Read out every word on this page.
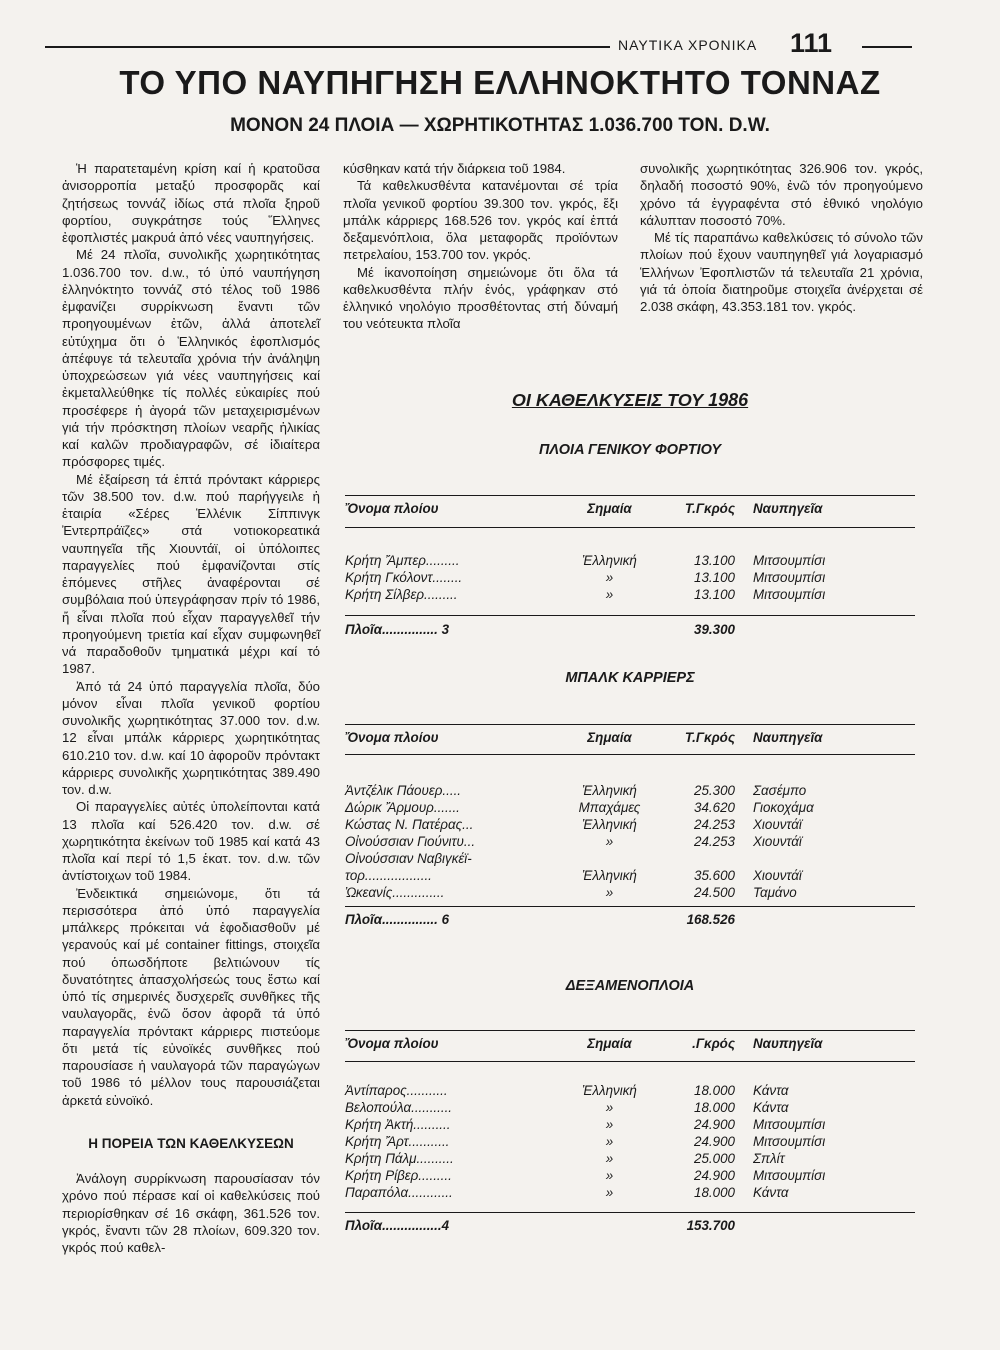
ΝΑΥΤΙΚΑ ΧΡΟΝΙΚΑ 111
ΤΟ ΥΠΟ ΝΑΥΠΗΓΗΣΗ ΕΛΛΗΝΟΚΤΗΤΟ ΤΟΝΝΑΖ
ΜΟΝΟΝ 24 ΠΛΟΙΑ — ΧΩΡΗΤΙΚΟΤΗΤΑΣ 1.036.700 ΤΟΝ. D.W.

Ἡ παρατεταμένη κρίση καί ἡ κρατοῦσα ἀνισορροπία μεταξύ προσφορᾶς καί ζητήσεως τοννάζ ἰδίως στά πλοῖα ξηροῦ φορτίου, συγκράτησε τούς Ἕλληνες ἐφοπλιστές μακρυά ἀπό νέες ναυπηγήσεις.

Μέ 24 πλοῖα, συνολικῆς χωρητικότητας 1.036.700 τον. d.w., τό ὑπό ναυπήγηση ἑλληνόκτητο τοννάζ στό τέλος τοῦ 1986 ἐμφανίζει συρρίκνωση ἔναντι τῶν προηγουμένων ἐτῶν, ἀλλά ἀποτελεῖ εὐτύχημα ὅτι ὁ Ἑλληνικός ἐφοπλισμός ἀπέφυγε τά τελευταῖα χρόνια τήν ἀνάληψη ὑποχρεώσεων γιά νέες ναυπηγήσεις καί ἐκμεταλλεύθηκε τίς πολλές εὐκαιρίες πού προσέφερε ἡ ἀγορά τῶν μεταχειρισμένων γιά τήν πρόσκτηση πλοίων νεαρῆς ἡλικίας καί καλῶν προδιαγραφῶν, σέ ἰδιαίτερα πρόσφορες τιμές.

Μέ ἐξαίρεση τά ἑπτά πρόντακτ κάρριερς τῶν 38.500 τον. d.w. πού παρήγγειλε ἡ ἑταιρία «Σέρες Ἑλλένικ Σίππινγκ Ἐντερπράϊζες» στά νοτιοκορεατικά ναυπηγεῖα τῆς Χιουντάϊ, οἱ ὑπόλοιπες παραγγελίες πού ἐμφανίζονται στίς ἑπόμενες στῆλες ἀναφέρονται σέ συμβόλαια πού ὑπεγράφησαν πρίν τό 1986, ἤ εἶναι πλοῖα πού εἶχαν παραγγελθεῖ τήν προηγούμενη τριετία καί εἶχαν συμφωνηθεῖ νά παραδοθοῦν τμηματικά μέχρι καί τό 1987.

Ἀπό τά 24 ὑπό παραγγελία πλοῖα, δύο μόνον εἶναι πλοῖα γενικοῦ φορτίου συνολικῆς χωρητικότητας 37.000 τον. d.w. 12 εἶναι μπάλκ κάρριερς χωρητικότητας 610.210 τον. d.w. καί 10 ἀφοροῦν πρόντακτ κάρριερς συνολικῆς χωρητικότητας 389.490 τον. d.w.

Οἱ παραγγελίες αὐτές ὑπολείπονται κατά 13 πλοῖα καί 526.420 τον. d.w. σέ χωρητικότητα ἐκείνων τοῦ 1985 καί κατά 43 πλοῖα καί περί τό 1,5 ἑκατ. τον. d.w. τῶν ἀντίστοιχων τοῦ 1984.

Ἐνδεικτικά σημειώνομε, ὅτι τά περισσότερα ἀπό ὑπό παραγγελία μπάλκερς πρόκειται νά ἐφοδιασθοῦν μέ γερανούς καί μέ container fittings, στοιχεῖα πού ὁπωσδήποτε βελτιώνουν τίς δυνατότητες ἀπασχολήσεώς τους ἔστω καί ὑπό τίς σημερινές δυσχερεῖς συνθῆκες τῆς ναυλαγορᾶς, ἐνῶ ὅσον ἀφορᾶ τά ὑπό παραγγελία πρόντακτ κάρριερς πιστεύομε ὅτι μετά τίς εὐνοϊκές συνθῆκες πού παρουσίασε ἡ ναυλαγορά τῶν παραγώγων τοῦ 1986 τό μέλλον τους παρουσιάζεται ἀρκετά εὐνοϊκό.

Η ΠΟΡΕΙΑ ΤΩΝ ΚΑΘΕΛΚΥΣΕΩΝ

Ἀνάλογη συρρίκνωση παρουσίασαν τόν χρόνο πού πέρασε καί οἱ καθελκύσεις πού περιορίσθηκαν σέ 16 σκάφη, 361.526 τον. γκρός, ἔναντι τῶν 28 πλοίων, 609.320 τον. γκρός πού καθελ-

κύσθηκαν κατά τήν διάρκεια τοῦ 1984.

Τά καθελκυσθέντα κατανέμονται σέ τρία πλοῖα γενικοῦ φορτίου 39.300 τον. γκρός, ἕξι μπάλκ κάρριερς 168.526 τον. γκρός καί ἑπτά δεξαμενόπλοια, ὅλα μεταφορᾶς προϊόντων πετρελαίου, 153.700 τον. γκρός.

Μέ ἱκανοποίηση σημειώνομε ὅτι ὅλα τά καθελκυσθέντα πλήν ἑνός, γράφηκαν στό ἑλληνικό νηολόγιο προσθέτοντας στή δύναμή του νεότευκτα πλοῖα

συνολικῆς χωρητικότητας 326.906 τον. γκρός, δηλαδή ποσοστό 90%, ἐνῶ τόν προηγούμενο χρόνο τά ἐγγραφέντα στό ἐθνικό νηολόγιο κάλυπταν ποσοστό 70%.

Μέ τίς παραπάνω καθελκύσεις τό σύνολο τῶν πλοίων πού ἔχουν ναυπηγηθεῖ γιά λογαριασμό Ἑλλήνων Ἐφοπλιστῶν τά τελευταῖα 21 χρόνια, γιά τά ὁποία διατηροῦμε στοιχεῖα ἀνέρχεται σέ 2.038 σκάφη, 43.353.181 τον. γκρός.

ΟΙ ΚΑΘΕΛΚΥΣΕΙΣ ΤΟΥ 1986
ΠΛΟΙΑ ΓΕΝΙΚΟΥ ΦΟΡΤΙΟΥ
Ὄνομα πλοίου	Σημαία	Τ.Γκρός Ναυπηγεῖα
Κρήτη Ἄμπερ.........	Ἑλληνική	13.100 Μιτσουμπίσι
Κρήτη Γκόλοντ........	»	13.100 Μιτσουμπίσι
Κρήτη Σίλβερ.........	»	13.100 Μιτσουμπίσι
Πλοῖα............... 3	39.300
ΜΠΑΛΚ ΚΑΡΡΙΕΡΣ
Ὄνομα πλοίου	Σημαία	Τ.Γκρός Ναυπηγεῖα
Ἀντζέλικ Πάουερ.....	Ἑλληνική	25.300 Σασέμπο
Δώρικ Ἄρμουρ.......	Μπαχάμες	34.620 Γιοκοχάμα
Κώστας Ν. Πατέρας...	Ἑλληνική	24.253 Χιουντάϊ
Οἰνούσσιαν Γιούνιτυ...	»	24.253 Χιουντάϊ
Οἰνούσσιαν Ναβιγκέϊ-
τορ..................	Ἑλληνική	35.600 Χιουντάϊ
Ὠκεανίς..............	»	24.500 Ταμάνο
Πλοῖα............... 6	168.526
ΔΕΞΑΜΕΝΟΠΛΟΙΑ
Ὄνομα πλοίου	Σημαία	.Γκρός Ναυπηγεῖα
Ἀντίπαρος...........	Ἑλληνική	18.000 Κάντα
Βελοπούλα...........	»	18.000 Κάντα
Κρήτη Ἀκτή..........	»	24.900 Μιτσουμπίσι
Κρήτη Ἄρτ...........	»	24.900 Μιτσουμπίσι
Κρήτη Πάλμ..........	»	25.000 Σπλίτ
Κρήτη Ρίβερ.........	»	24.900 Μιτσουμπίσι
Παραπόλα............	»	18.000 Κάντα
Πλοῖα................4	153.700
